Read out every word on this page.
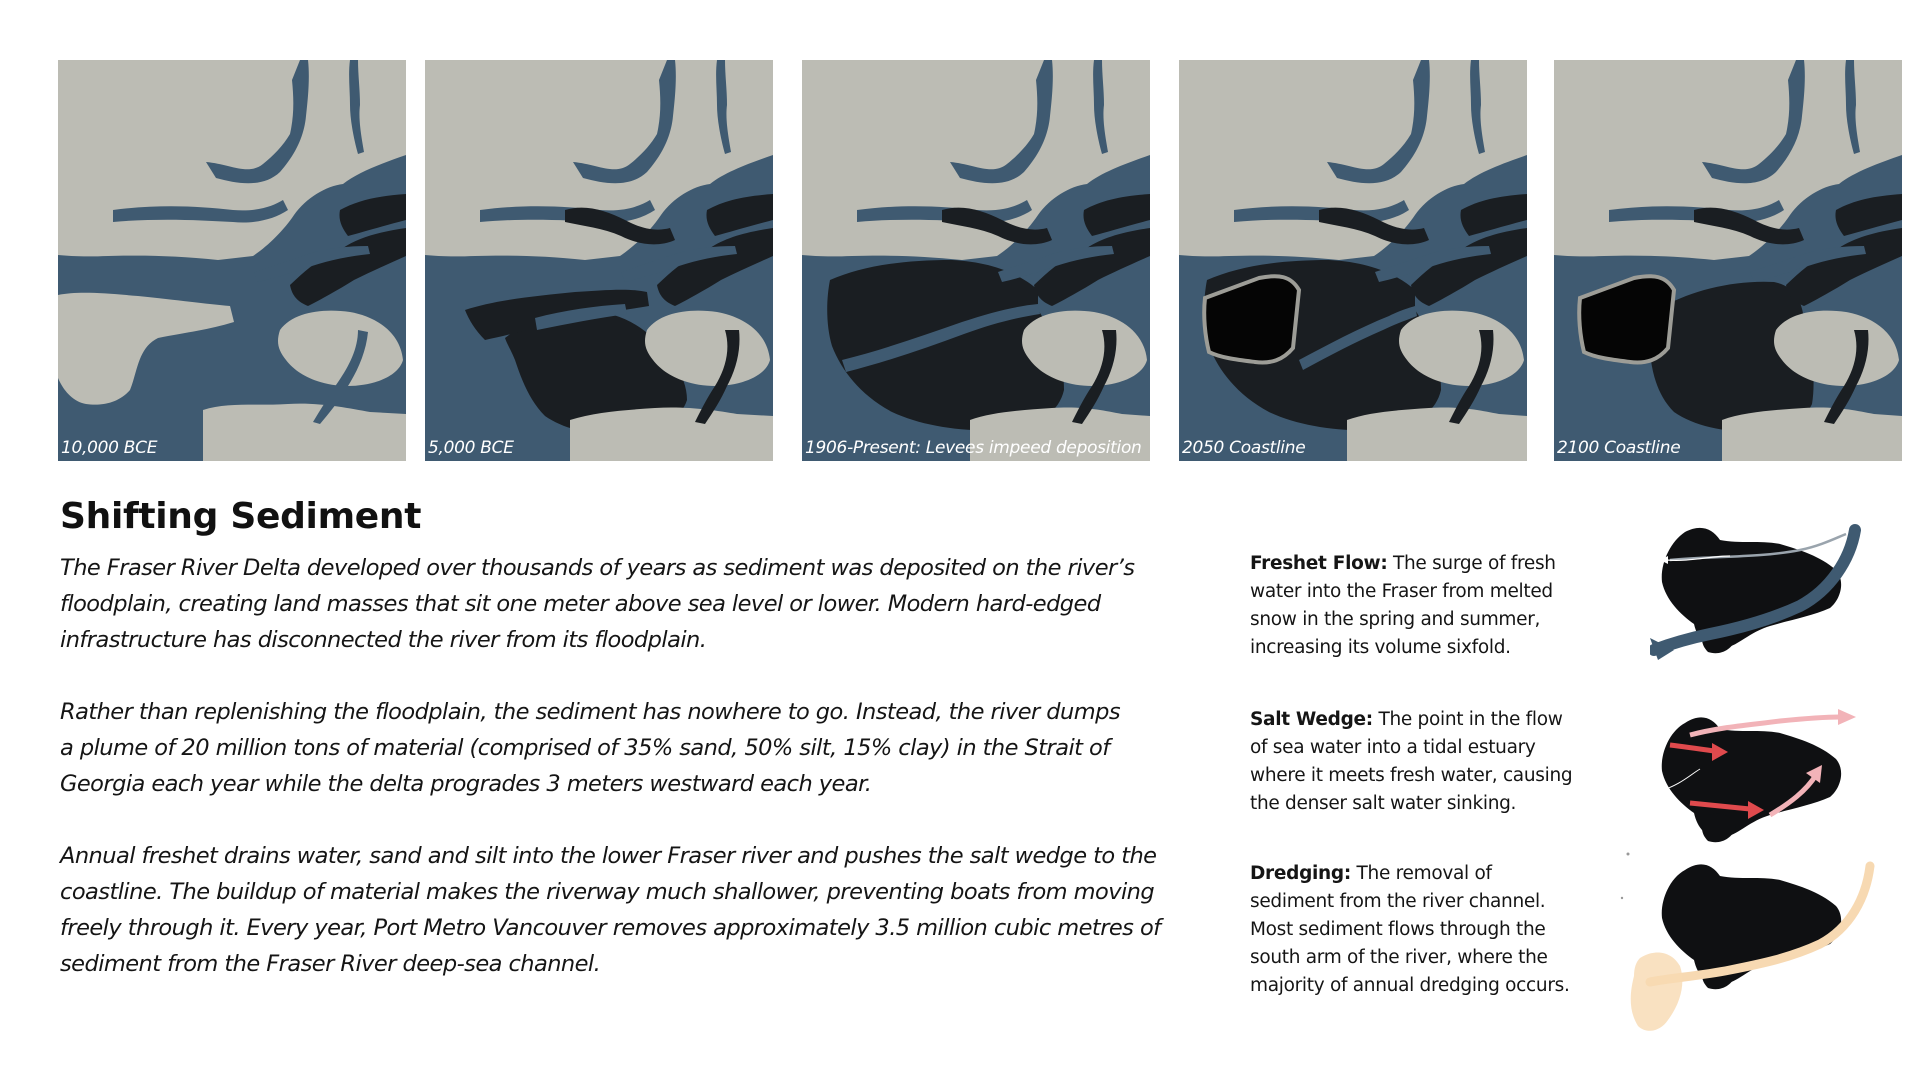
10,000 BCE	5,000 BCE	1906-Present: Levees impeed deposition 2050 Coastline	2100 Coastline
Shifting Sediment

The Fraser River Delta developed over thousands of years as sediment was deposited on the river’s
floodplain, creating land masses that sit one meter above sea level or lower. Modern hard-edged
infrastructure has disconnected the river from its floodplain.

Rather than replenishing the floodplain, the sediment has nowhere to go. Instead, the river dumps
a plume of 20 million tons of material (comprised of 35% sand, 50% silt, 15% clay) in the Strait of
Georgia each year while the delta progrades 3 meters westward each year.

Annual freshet drains water, sand and silt into the lower Fraser river and pushes the salt wedge to the
coastline. The buildup of material makes the riverway much shallower, preventing boats from moving
freely through it. Every year, Port Metro Vancouver removes approximately 3.5 million cubic metres of
sediment from the Fraser River deep-sea channel.

Freshet Flow: The surge of fresh
water into the Fraser from melted
snow in the spring and summer,
increasing its volume sixfold.
Salt Wedge: The point in the flow
of sea water into a tidal estuary
where it meets fresh water, causing
the denser salt water sinking.
Dredging: The removal of
sediment from the river channel.
Most sediment flows through the
south arm of the river, where the
majority of annual dredging occurs.
